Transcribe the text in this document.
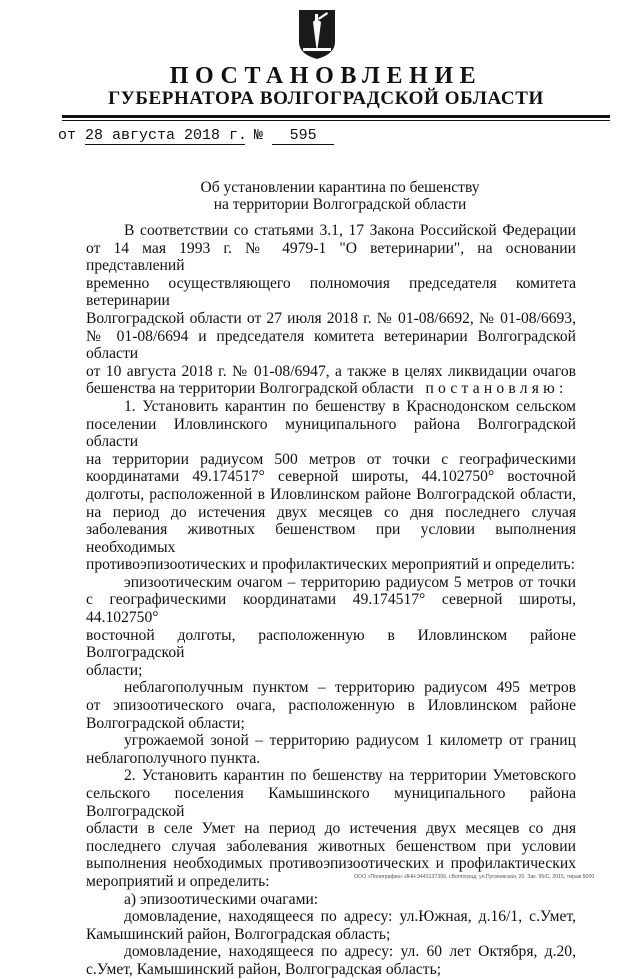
ПОСТАНОВЛЕНИЕ
ГУБЕРНАТОРА ВОЛГОГРАДСКОЙ ОБЛАСТИ
от 28 августа 2018 г. № 595
Об установлении карантина по бешенству
на территории Волгоградской области

В соответствии со статьями 3.1, 17 Закона Российской Федерации

от 14 мая 1993 г. № 4979-1 "О ветеринарии", на основании представлений

временно осуществляющего полномочия председателя комитета ветеринарии

Волгоградской области от 27 июля 2018 г. № 01-08/6692, № 01-08/6693,

№ 01-08/6694 и председателя комитета ветеринарии Волгоградской области

от 10 августа 2018 г. № 01-08/6947, а также в целях ликвидации очагов

бешенства на территории Волгоградской области постановляю:

1. Установить карантин по бешенству в Краснодонском сельском

поселении Иловлинского муниципального района Волгоградской области

на территории радиусом 500 метров от точки с географическими

координатами 49.174517° северной широты, 44.102750° восточной

долготы, расположенной в Иловлинском районе Волгоградской области,

на период до истечения двух месяцев со дня последнего случая

заболевания животных бешенством при условии выполнения необходимых

противоэпизоотических и профилактических мероприятий и определить:

эпизоотическим очагом – территорию радиусом 5 метров от точки

с географическими координатами 49.174517° северной широты, 44.102750°

восточной долготы, расположенную в Иловлинском районе Волгоградской

области;

неблагополучным пунктом – территорию радиусом 495 метров

от эпизоотического очага, расположенную в Иловлинском районе

Волгоградской области;

угрожаемой зоной – территорию радиусом 1 километр от границ

неблагополучного пункта.

2. Установить карантин по бешенству на территории Уметовского

сельского поселения Камышинского муниципального района Волгоградской

области в селе Умет на период до истечения двух месяцев со дня

последнего случая заболевания животных бешенством при условии

выполнения необходимых противоэпизоотических и профилактических

мероприятий и определить:

а) эпизоотическими очагами:

домовладение, находящееся по адресу: ул.Южная, д.16/1, с.Умет,

Камышинский район, Волгоградская область;

домовладение, находящееся по адресу: ул. 60 лет Октября, д.20,

с.Умет, Камышинский район, Волгоградская область;

ООО «Полиграфиз» ИНН 3443137399, г.Волгоград, ул.Пугачевская, 20. Зак. 95/С, 2015, тираж 5000
